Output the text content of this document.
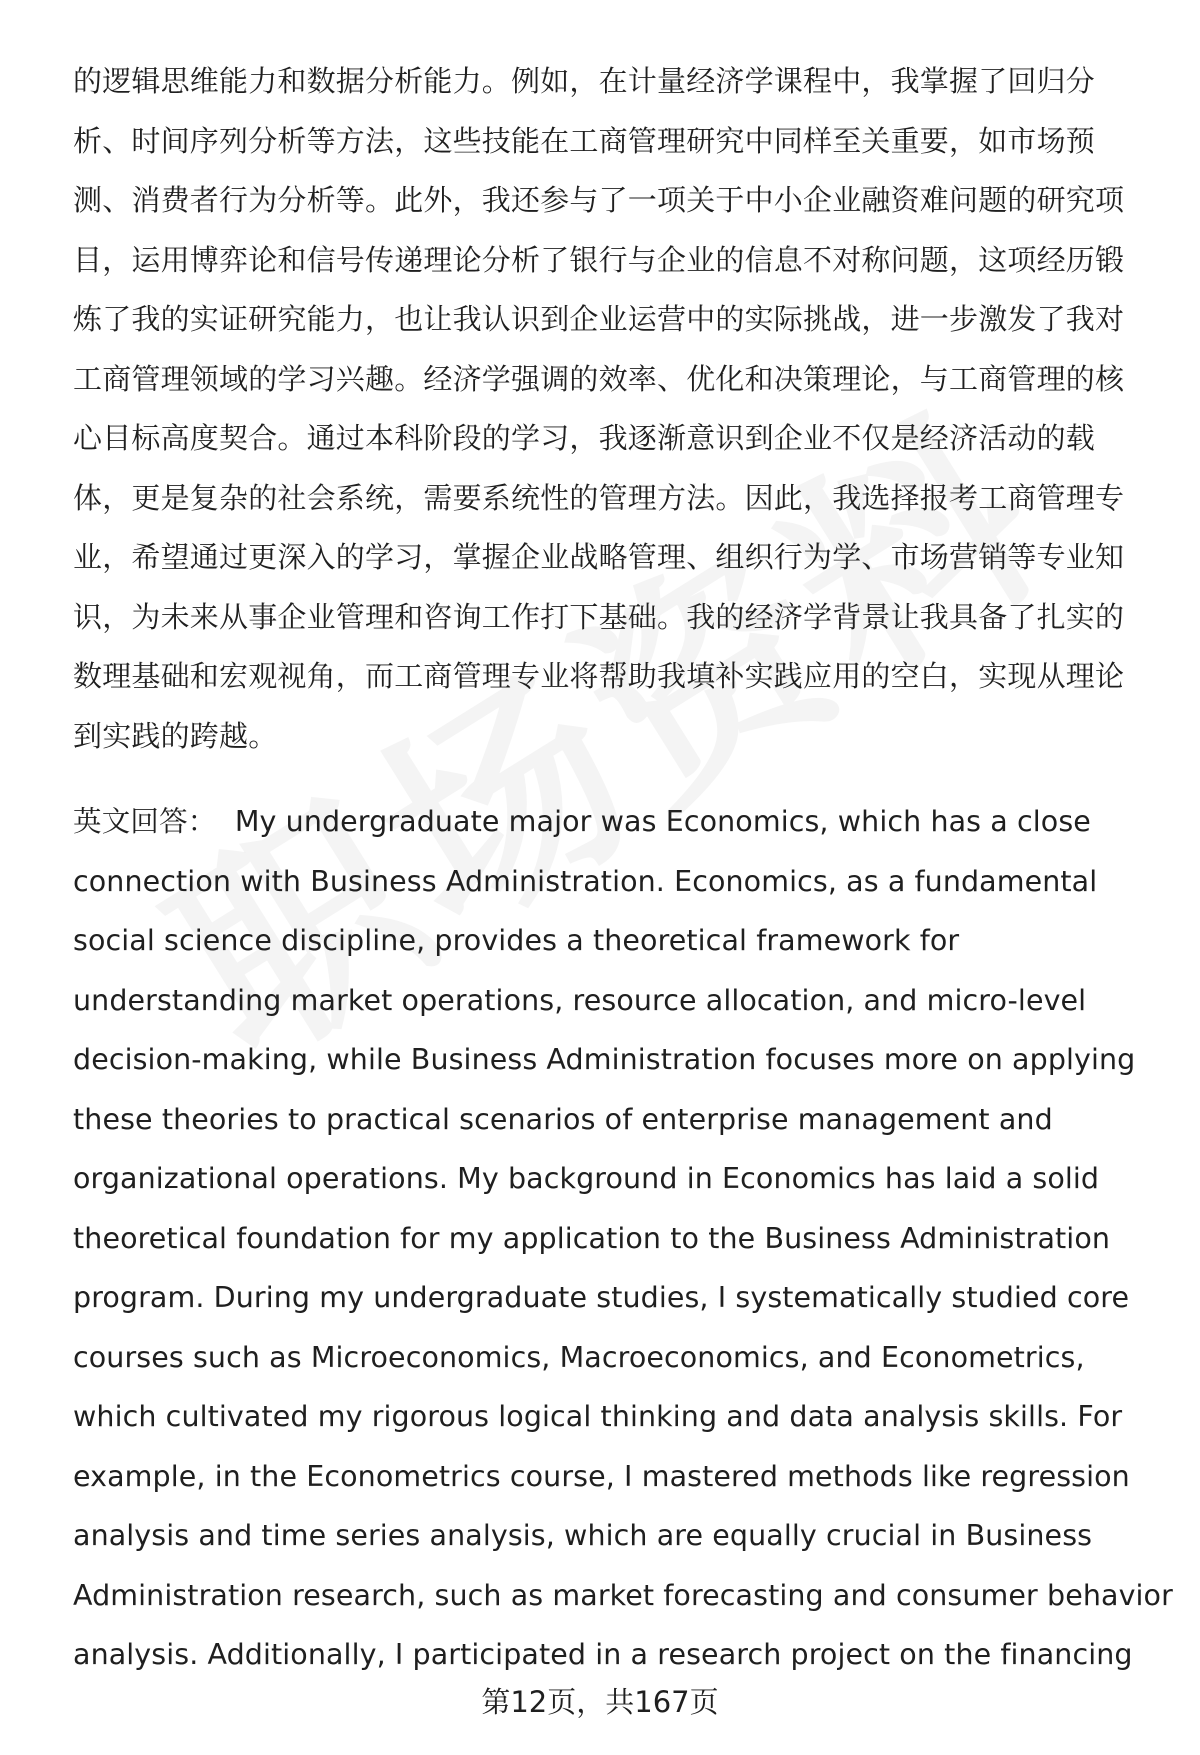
的逻辑思维能力和数据分析能力。例如，在计量经济学课程中，我掌握了回归分
析、时间序列分析等方法，这些技能在工商管理研究中同样至关重要，如市场预
测、消费者行为分析等。此外，我还参与了一项关于中小企业融资难问题的研究项
目，运用博弈论和信号传递理论分析了银行与企业的信息不对称问题，这项经历锻
炼了我的实证研究能力，也让我认识到企业运营中的实际挑战，进一步激发了我对
工商管理领域的学习兴趣。经济学强调的效率、优化和决策理论，与工商管理的核
心目标高度契合。通过本科阶段的学习，我逐渐意识到企业不仅是经济活动的载
体，更是复杂的社会系统，需要系统性的管理方法。因此，我选择报考工商管理专
业，希望通过更深入的学习，掌握企业战略管理、组织行为学、市场营销等专业知
识，为未来从事企业管理和咨询工作打下基础。我的经济学背景让我具备了扎实的
数理基础和宏观视角，而工商管理专业将帮助我填补实践应用的空白，实现从理论
到实践的跨越。
英文回答： My undergraduate major was Economics, which has a close
connection with Business Administration. Economics, as a fundamental
social science discipline, provides a theoretical framework for
understanding market operations, resource allocation, and micro-level
decision-making, while Business Administration focuses more on applying
these theories to practical scenarios of enterprise management and
organizational operations. My background in Economics has laid a solid
theoretical foundation for my application to the Business Administration
program. During my undergraduate studies, I systematically studied core
courses such as Microeconomics, Macroeconomics, and Econometrics,
which cultivated my rigorous logical thinking and data analysis skills. For
example, in the Econometrics course, I mastered methods like regression
analysis and time series analysis, which are equally crucial in Business
Administration research, such as market forecasting and consumer behavior
analysis. Additionally, I participated in a research project on the financing
第12页，共167页
